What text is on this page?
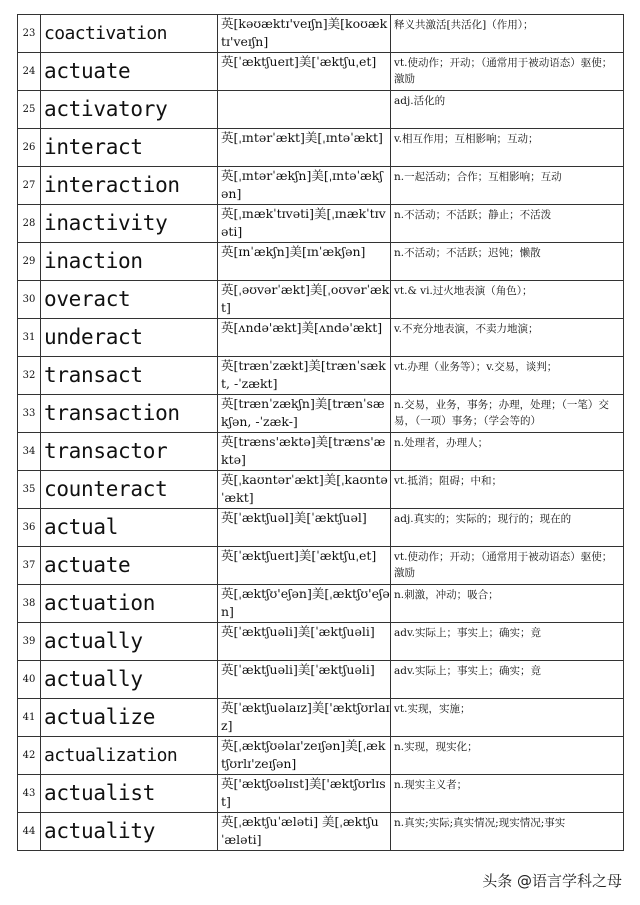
23	coactivation	英[kəʊæktɪ'veɪʃn]美[koʊæktɪ'veɪʃn]	释义共激活[共活化]（作用）；
24	actuate	英[ˈæktʃueɪt]美[ˈæktʃuˌet]	vt.使动作；开动；（通常用于被动语态）驱使；激励
25	activatory		adj.活化的
26	interact	英[ˌɪntərˈækt]美[ˌɪntəˈækt]	v.相互作用；互相影响；互动；
27	interaction	英[ˌɪntərˈækʃn]美[ˌɪntəˈækʃən]	n.一起活动；合作；互相影响；互动
28	inactivity	英[ˌɪnækˈtɪvəti]美[ˌɪnækˈtɪvəti]	n.不活动；不活跃；静止；不活泼
29	inaction	英[ɪnˈækʃn]美[ɪnˈækʃən]	n.不活动；不活跃；迟钝；懒散
30	overact	英[ˌəʊvərˈækt]美[ˌoʊvərˈækt]	vt.& vi.过火地表演（角色）；
31	underact	英[ʌndə'ækt]美[ʌndə'ækt]	v.不充分地表演，不卖力地演；
32	transact	英[trænˈzækt]美[trænˈsækt, -ˈzækt]	vt.办理（业务等）；v.交易，谈判；
33	transaction	英[trænˈzækʃn]美[trænˈsækʃən, -ˈzæk-]	n.交易，业务，事务；办理，处理；（一笔）交易，（一项）事务；（学会等的）
34	transactor	英[træns'æktə]美[træns'æktə]	n.处理者，办理人；
35	counteract	英[ˌkaʊntərˈækt]美[ˌkaʊntəˈækt]	vt.抵消；阻碍；中和；
36	actual	英[ˈæktʃuəl]美[ˈæktʃuəl]	adj.真实的；实际的；现行的；现在的
37	actuate	英[ˈæktʃueɪt]美[ˈæktʃuˌet]	vt.使动作；开动；（通常用于被动语态）驱使；激励
38	actuation	英[ˌæktʃʊ'eʃən]美[ˌæktʃʊ'eʃən]	n.刺激，冲动；吸合；
39	actually	英[ˈæktʃuəli]美[ˈæktʃuəli]	adv.实际上；事实上；确实；竟
40	actually	英[ˈæktʃuəli]美[ˈæktʃuəli]	adv.实际上；事实上；确实；竟
41	actualize	英[ˈæktʃuəlaɪz]美['æktʃʊrlaɪz]	vt.实现，实施；
42	actualization	英[ˌæktʃʊəlaɪ'zeɪʃən]美[ˌæktʃʊrlɪ'zeɪʃən]	n.实现，现实化；
43	actualist	英['æktʃʊəlɪst]美['æktʃʊrlɪst]	n.现实主义者；
44	actuality	英[ˌæktʃuˈæləti] 美[ˌæktʃuˈæləti]	n.真实;实际;真实情况;现实情况;事实
头条 @语言学科之母
